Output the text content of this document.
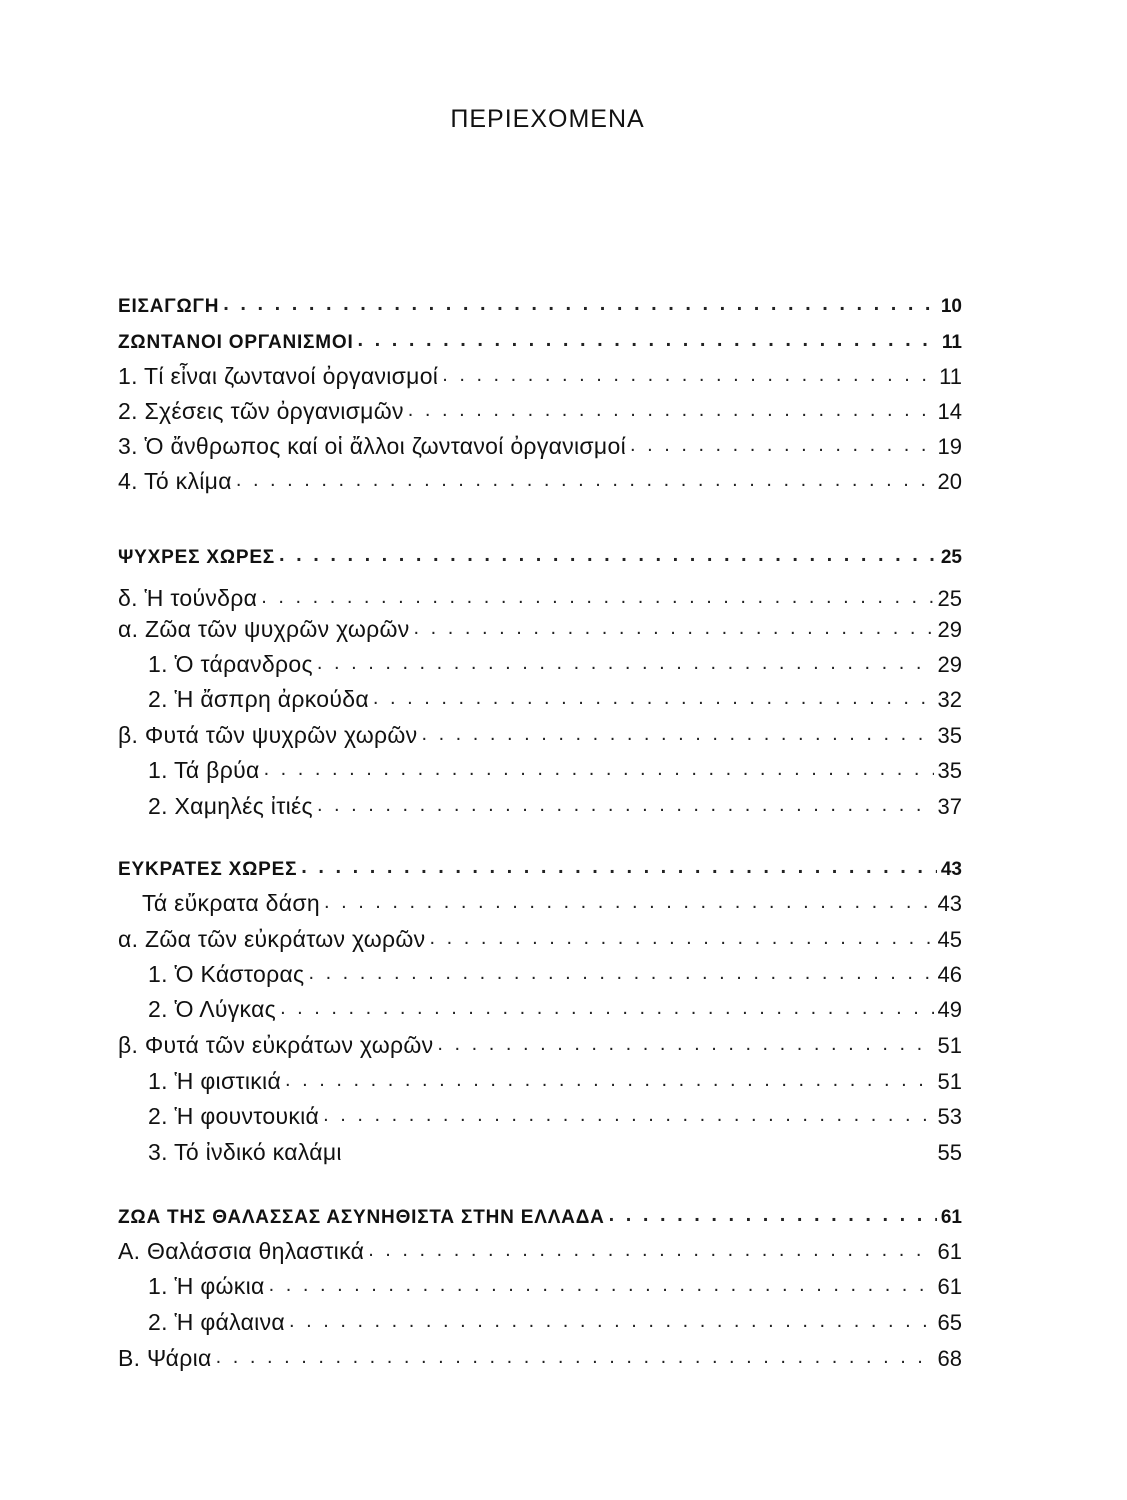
ΠΕΡΙΕΧΟΜΕΝΑ
ΕΙΣΑΓΩΓΗ . . .	10
ΖΩΝΤΑΝΟΙ ΟΡΓΑΝΙΣΜΟΙ . . .	11
1. Τί εἶναι ζωντανοί ὀργανισμοί . . .	11
2. Σχέσεις τῶν ὀργανισμῶν . . .	14
3. Ὁ ἄνθρωπος καί οἱ ἄλλοι ζωντανοί ὀργανισμοί . . .	19
4. Τό κλίμα . . .	20
ΨΥΧΡΕΣ ΧΩΡΕΣ . . .	25
δ. Ἡ τούνδρα . . .	25
α. Ζῶα τῶν ψυχρῶν χωρῶν . . .	29
1. Ὁ τάρανδρος . . .	29
2. Ἡ ἄσπρη ἀρκούδα . . .	32
β. Φυτά τῶν ψυχρῶν χωρῶν . . .	35
1. Τά βρύα . . .	35
2. Χαμηλές ἰτιές . . .	37
ΕΥΚΡΑΤΕΣ ΧΩΡΕΣ . . .	43
Τά εὔκρατα δάση . . .	43
α. Ζῶα τῶν εὐκράτων χωρῶν . . .	45
1. Ὁ Κάστορας . . .	46
2. Ὁ Λύγκας . . .	49
β. Φυτά τῶν εὐκράτων χωρῶν . . .	51
1. Ἡ φιστικιά . . .	51
2. Ἡ φουντουκιά . . .	53
3. Τό ἰνδικό καλάμι	55
ΖΩΑ ΤΗΣ ΘΑΛΑΣΣΑΣ ΑΣΥΝΗΘΙΣΤΑ ΣΤΗΝ ΕΛΛΑΔΑ . . .	61
Α. Θαλάσσια θηλαστικά . . .	61
1. Ἡ φώκια . . .	61
2. Ἡ φάλαινα . . .	65
Β. Ψάρια . . .	68
